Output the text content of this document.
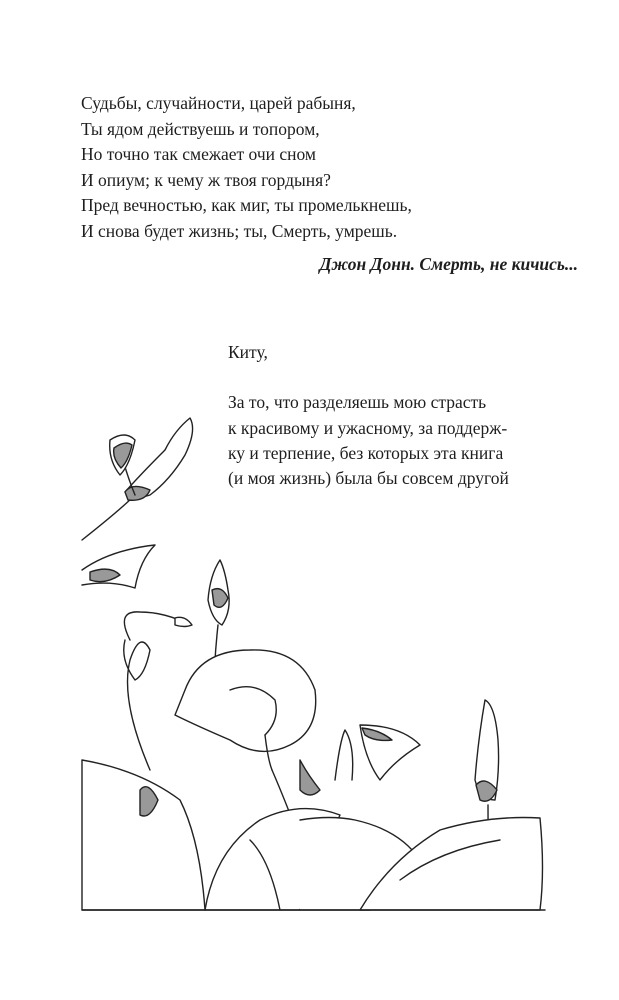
Судьбы, случайности, царей рабыня,
Ты ядом действуешь и топором,
Но точно так смежает очи сном
И опиум; к чему ж твоя гордыня?
Пред вечностью, как миг, ты промелькнешь,
И снова будет жизнь; ты, Смерть, умрешь.
Джон Донн. Смерть, не кичись...
Киту,
За то, что разделяешь мою страсть
к красивому и ужасному, за поддерж-
ку и терпение, без которых эта книга
(и моя жизнь) была бы совсем другой
